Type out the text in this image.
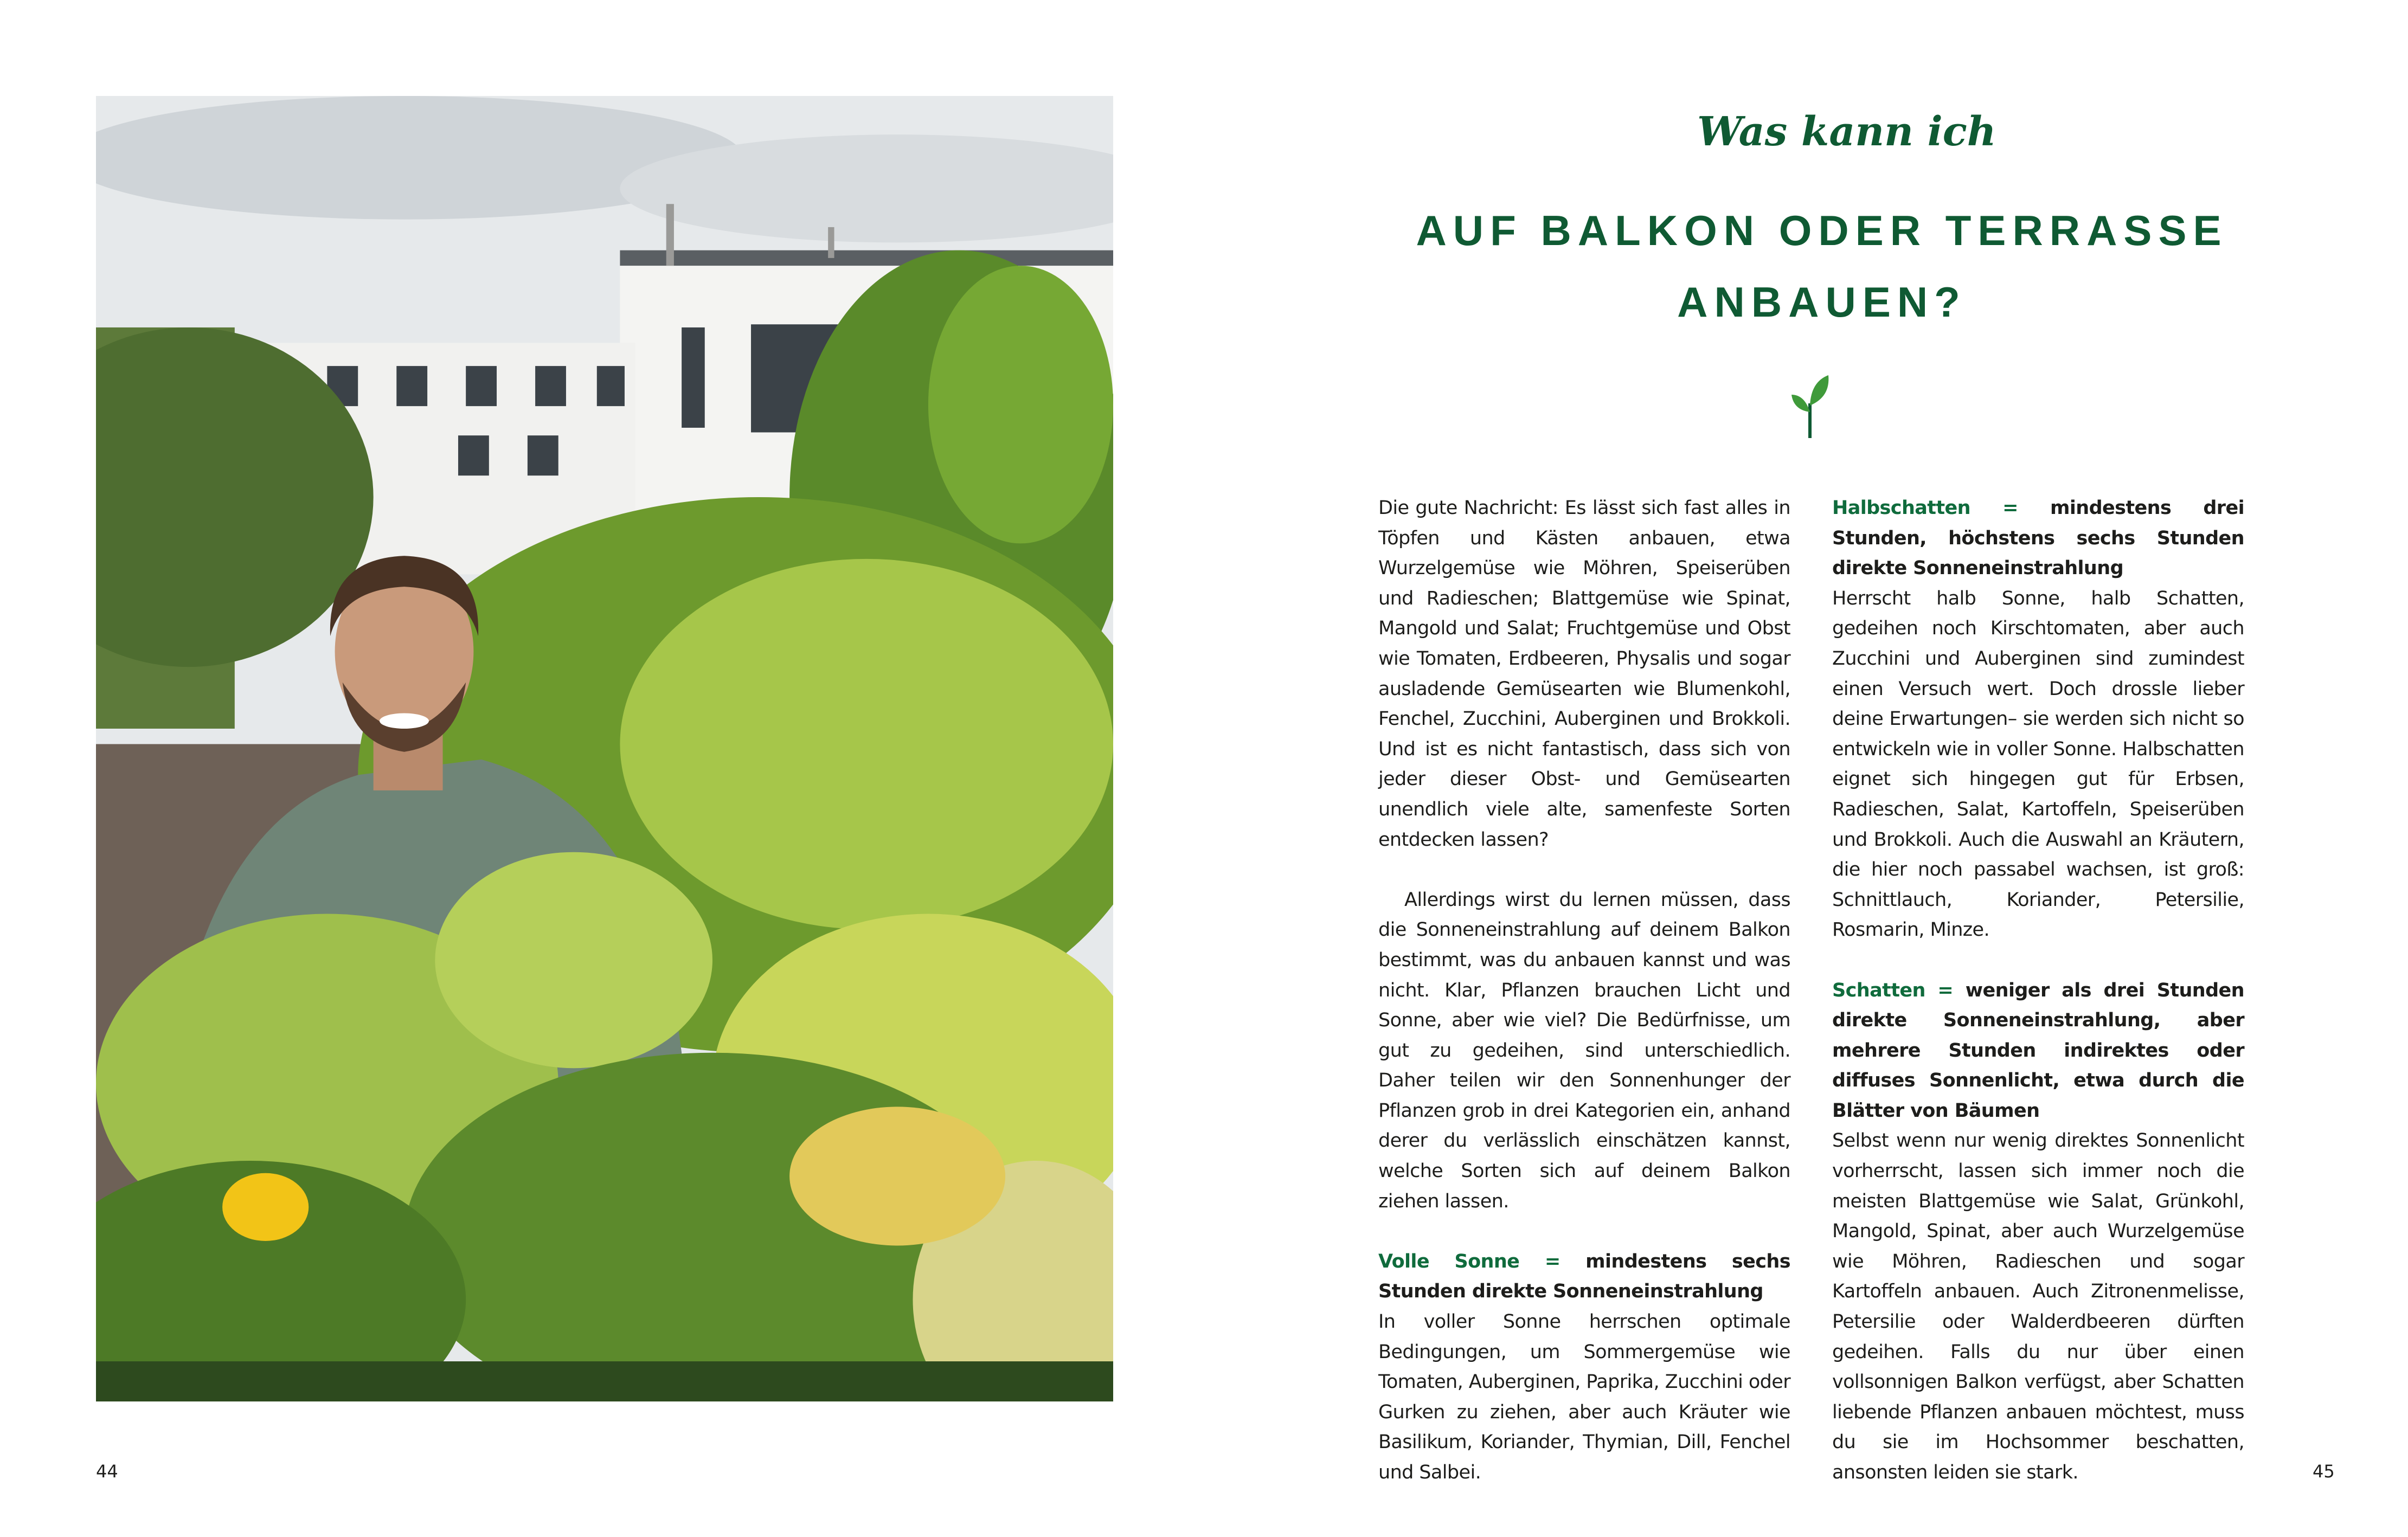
44
Was kann ich
AUF BALKON ODER TERRASSE
ANBAUEN?

Die gute Nachricht: Es lässt sich fast alles in Töpfen und Kästen anbauen, etwa Wurzelgemüse wie Möhren, Speiserüben und Radieschen; Blattgemüse wie Spinat, Mangold und Salat; Fruchtgemüse und Obst wie Tomaten, Erdbeeren, Physalis und sogar ausladende Gemüsearten wie Blumenkohl, Fenchel, Zucchini, Auberginen und Brokkoli. Und ist es nicht fantastisch, dass sich von jeder dieser Obst- und Gemüsearten unendlich viele alte, samenfeste Sorten entdecken lassen?

Allerdings wirst du lernen müssen, dass die Sonneneinstrahlung auf deinem Balkon bestimmt, was du anbauen kannst und was nicht. Klar, Pflanzen brauchen Licht und Sonne, aber wie viel? Die Bedürfnisse, um gut zu gedeihen, sind unterschiedlich. Daher teilen wir den Sonnenhunger der Pflanzen grob in drei Kategorien ein, anhand derer du verlässlich einschätzen kannst, welche Sorten sich auf deinem Balkon ziehen lassen.

Volle Sonne = mindestens sechs Stunden direkte Sonneneinstrahlung
In voller Sonne herrschen optimale Bedingungen, um Sommergemüse wie Tomaten, Auberginen, Paprika, Zucchini oder Gurken zu ziehen, aber auch Kräuter wie Basilikum, Koriander, Thymian, Dill, Fenchel und Salbei.

Halbschatten = mindestens drei Stunden, höchstens sechs Stunden direkte Sonneneinstrahlung
Herrscht halb Sonne, halb Schatten, gedeihen noch Kirschtomaten, aber auch Zucchini und Auberginen sind zumindest einen Versuch wert. Doch drossle lieber deine Erwartungen– sie werden sich nicht so entwickeln wie in voller Sonne. Halbschatten eignet sich hingegen gut für Erbsen, Radieschen, Salat, Kartoffeln, Speiserüben und Brokkoli. Auch die Auswahl an Kräutern, die hier noch passabel wachsen, ist groß: Schnittlauch, Koriander, Petersilie, Rosmarin, Minze.

Schatten = weniger als drei Stunden direkte Sonneneinstrahlung, aber mehrere Stunden indirektes oder diffuses Sonnenlicht, etwa durch die Blätter von Bäumen
Selbst wenn nur wenig direktes Sonnenlicht vorherrscht, lassen sich immer noch die meisten Blattgemüse wie Salat, Grünkohl, Mangold, Spinat, aber auch Wurzelgemüse wie Möhren, Radieschen und sogar Kartoffeln anbauen. Auch Zitronenmelisse, Petersilie oder Walderdbeeren dürften gedeihen. Falls du nur über einen vollsonnigen Balkon verfügst, aber Schatten liebende Pflanzen anbauen möchtest, muss du sie im Hochsommer beschatten, ansonsten leiden sie stark.	45
